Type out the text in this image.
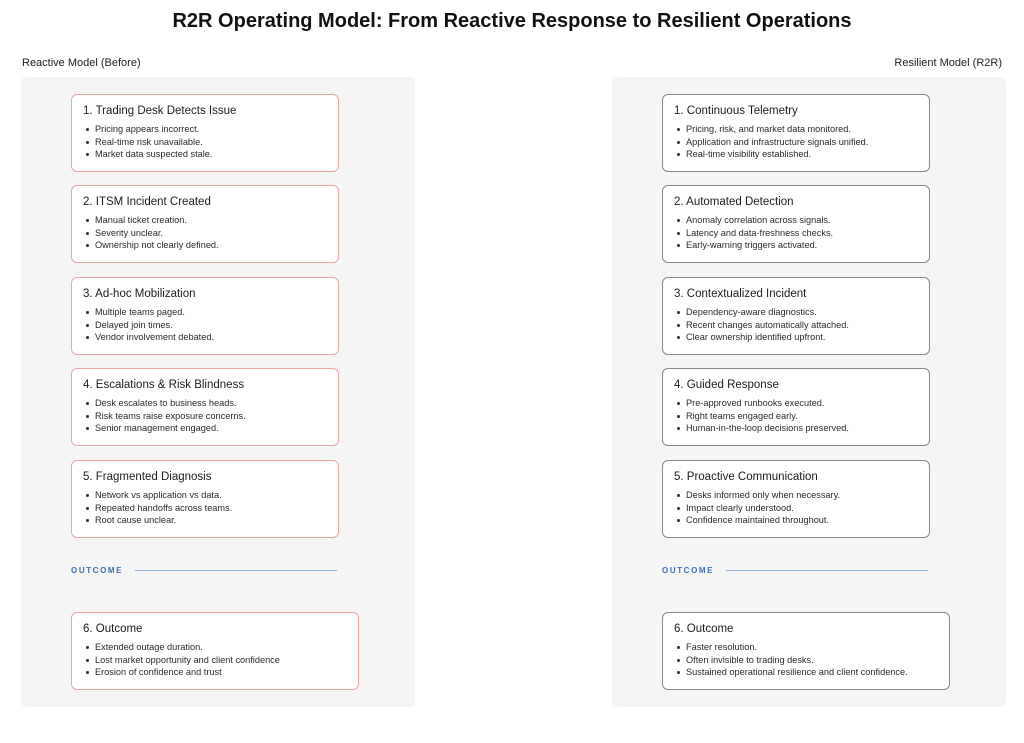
R2R Operating Model: From Reactive Response to Resilient Operations
Reactive Model (Before)	Resilient Model (R2R)
1. Trading Desk Detects Issue
Pricing appears incorrect.
Real-time risk unavailable.
Market data suspected stale.
2. ITSM Incident Created
Manual ticket creation.
Severity unclear.
Ownership not clearly defined.
3. Ad-hoc Mobilization
Multiple teams paged.
Delayed join times.
Vendor involvement debated.
4. Escalations & Risk Blindness
Desk escalates to business heads.
Risk teams raise exposure concerns.
Senior management engaged.
5. Fragmented Diagnosis
Network vs application vs data.
Repeated handoffs across teams.
Root cause unclear.
OUTCOME
6. Outcome
Extended outage duration.
Lost market opportunity and client confidence
Erosion of confidence and trust
1. Continuous Telemetry
Pricing, risk, and market data monitored.
Application and infrastructure signals unified.
Real-time visibility established.
2. Automated Detection
Anomaly correlation across signals.
Latency and data-freshness checks.
Early-warning triggers activated.
3. Contextualized Incident
Dependency-aware diagnostics.
Recent changes automatically attached.
Clear ownership identified upfront.
4. Guided Response
Pre-approved runbooks executed.
Right teams engaged early.
Human-in-the-loop decisions preserved.
5. Proactive Communication
Desks informed only when necessary.
Impact clearly understood.
Confidence maintained throughout.
OUTCOME
6. Outcome
Faster resolution.
Often invisible to trading desks.
Sustained operational resilience and client confidence.
